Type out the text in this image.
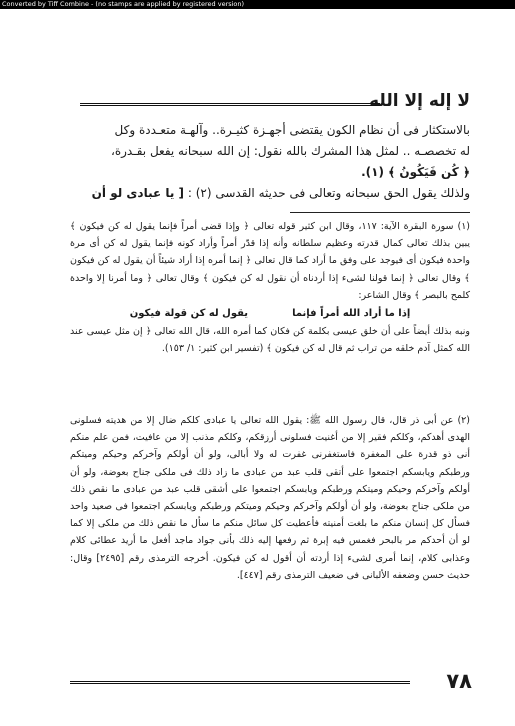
Converted by Tiff Combine - (no stamps are applied by registered version)
لا إله إلا الله

بالاستكثار فى أن نظام الكون يقتضى أجهـزة كثيـرة.. وآلهـة متعـددة وكل

له تخصصـه .. لمثل هذا المشرك بالله نقول: إن الله سبحانه يفعل بقـدرة،

﴿ كُن فَيَكُونُ ﴾ (١).

ولذلك يقول الحق سبحانه وتعالى فى حديثه القدسى (٢) : [ يا عبادى لو أن

(١) سورة البقرة الآية: ١١٧، وقال ابن كثير قوله تعالى ﴿ وإذا قضى أمراً فإنما يقول له كن فيكون ﴾ يبين بذلك تعالى كمال قدرته وعظيم سلطانه وأنه إذا قدّر أمراً وأراد كونه فإنما يقول له كن أى مرة واحدة فيكون أى فيوجد على وفق ما أراد كما قال تعالى ﴿ إنما أمره إذا أراد شيئاً أن يقول له كن فيكون ﴾ وقال تعالى ﴿ إنما قولنا لشىء إذا أردناه أن نقول له كن فيكون ﴾ وقال تعالى ﴿ وما أمرنا إلا واحدة كلمح بالبصر ﴾ وقال الشاعر:

إذا ما أراد الله أمراً فإنمايقول له كن قولة فيكون

ونبه بذلك أيضاً على أن خلق عيسى بكلمة كن فكان كما أمره الله، قال الله تعالى ﴿ إن مثل عيسى عند الله كمثل آدم خلقه من تراب ثم قال له كن فيكون ﴾ (تفسير ابن كثير: ١/ ١٥٣).

(٢) عن أبى ذر قال، قال رسول الله ﷺ: يقول الله تعالى يا عبادى كلكم ضال إلا من هديته فسلونى الهدى أهدكم، وكلكم فقير إلا من أغنيت فسلونى أرزقكم، وكلكم مذنب إلا من عافيت، فمن علم منكم أنى ذو قدرة على المغفرة فاستغفرنى غفرت له ولا أبالى، ولو أن أولكم وآخركم وحيكم وميتكم ورطبكم ويابسكم اجتمعوا على أتقى قلب عبد من عبادى ما زاد ذلك فى ملكى جناح بعوضة، ولو أن أولكم وآخركم وحيكم وميتكم ورطبكم ويابسكم اجتمعوا على أشقى قلب عبد من عبادى ما نقص ذلك من ملكى جناح بعوضة، ولو أن أولكم وآخركم وحيكم وميتكم ورطبكم ويابسكم اجتمعوا فى صعيد واحد فسأل كل إنسان منكم ما بلغت أمنيته فأعطيت كل سائل منكم ما سأل ما نقص ذلك من ملكى إلا كما لو أن أحدكم مر بالبحر فغمس فيه إبرة ثم رفعها إليه ذلك بأنى جواد ماجد أفعل ما أريد عطائى كلام وعذابى كلام، إنما أمرى لشىء إذا أردته أن أقول له كن فيكون. أخرجه الترمذى رقم [٢٤٩٥] وقال: حديث حسن وضعفه الألبانى فى ضعيف الترمذى رقم [٤٤٧].

٧٨
